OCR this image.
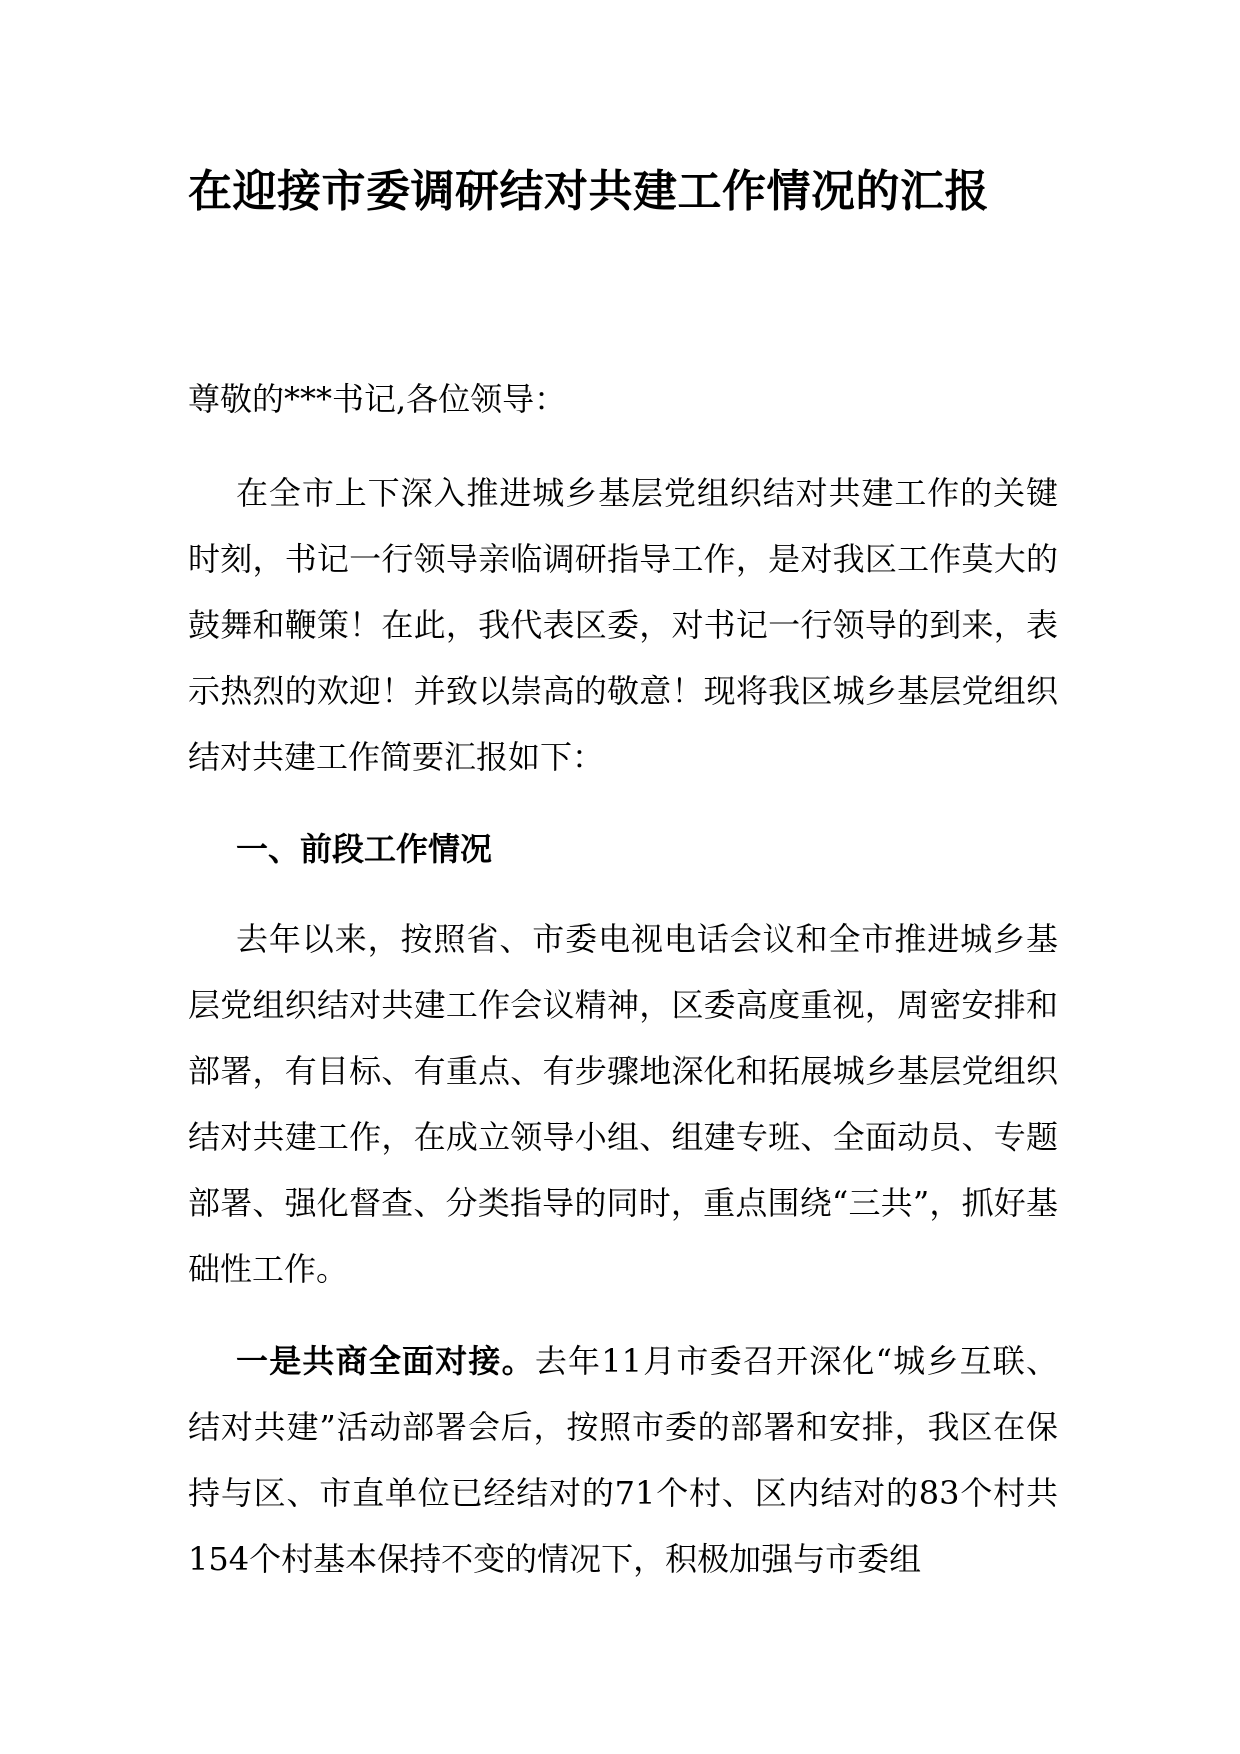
在迎接市委调研结对共建工作情况的汇报

尊敬的***书记,各位领导：

在全市上下深入推进城乡基层党组织结对共建工作的关键时刻，书记一行领导亲临调研指导工作，是对我区工作莫大的鼓舞和鞭策！在此，我代表区委，对书记一行领导的到来，表示热烈的欢迎！并致以崇高的敬意！现将我区城乡基层党组织结对共建工作简要汇报如下：

一、前段工作情况

去年以来，按照省、市委电视电话会议和全市推进城乡基层党组织结对共建工作会议精神，区委高度重视，周密安排和部署，有目标、有重点、有步骤地深化和拓展城乡基层党组织结对共建工作，在成立领导小组、组建专班、全面动员、专题部署、强化督查、分类指导的同时，重点围绕“三共”，抓好基础性工作。

一是共商全面对接。去年11月市委召开深化“城乡互联、结对共建”活动部署会后，按照市委的部署和安排，我区在保持与区、市直单位已经结对的71个村、区内结对的83个村共154个村基本保持不变的情况下，积极加强与市委组
